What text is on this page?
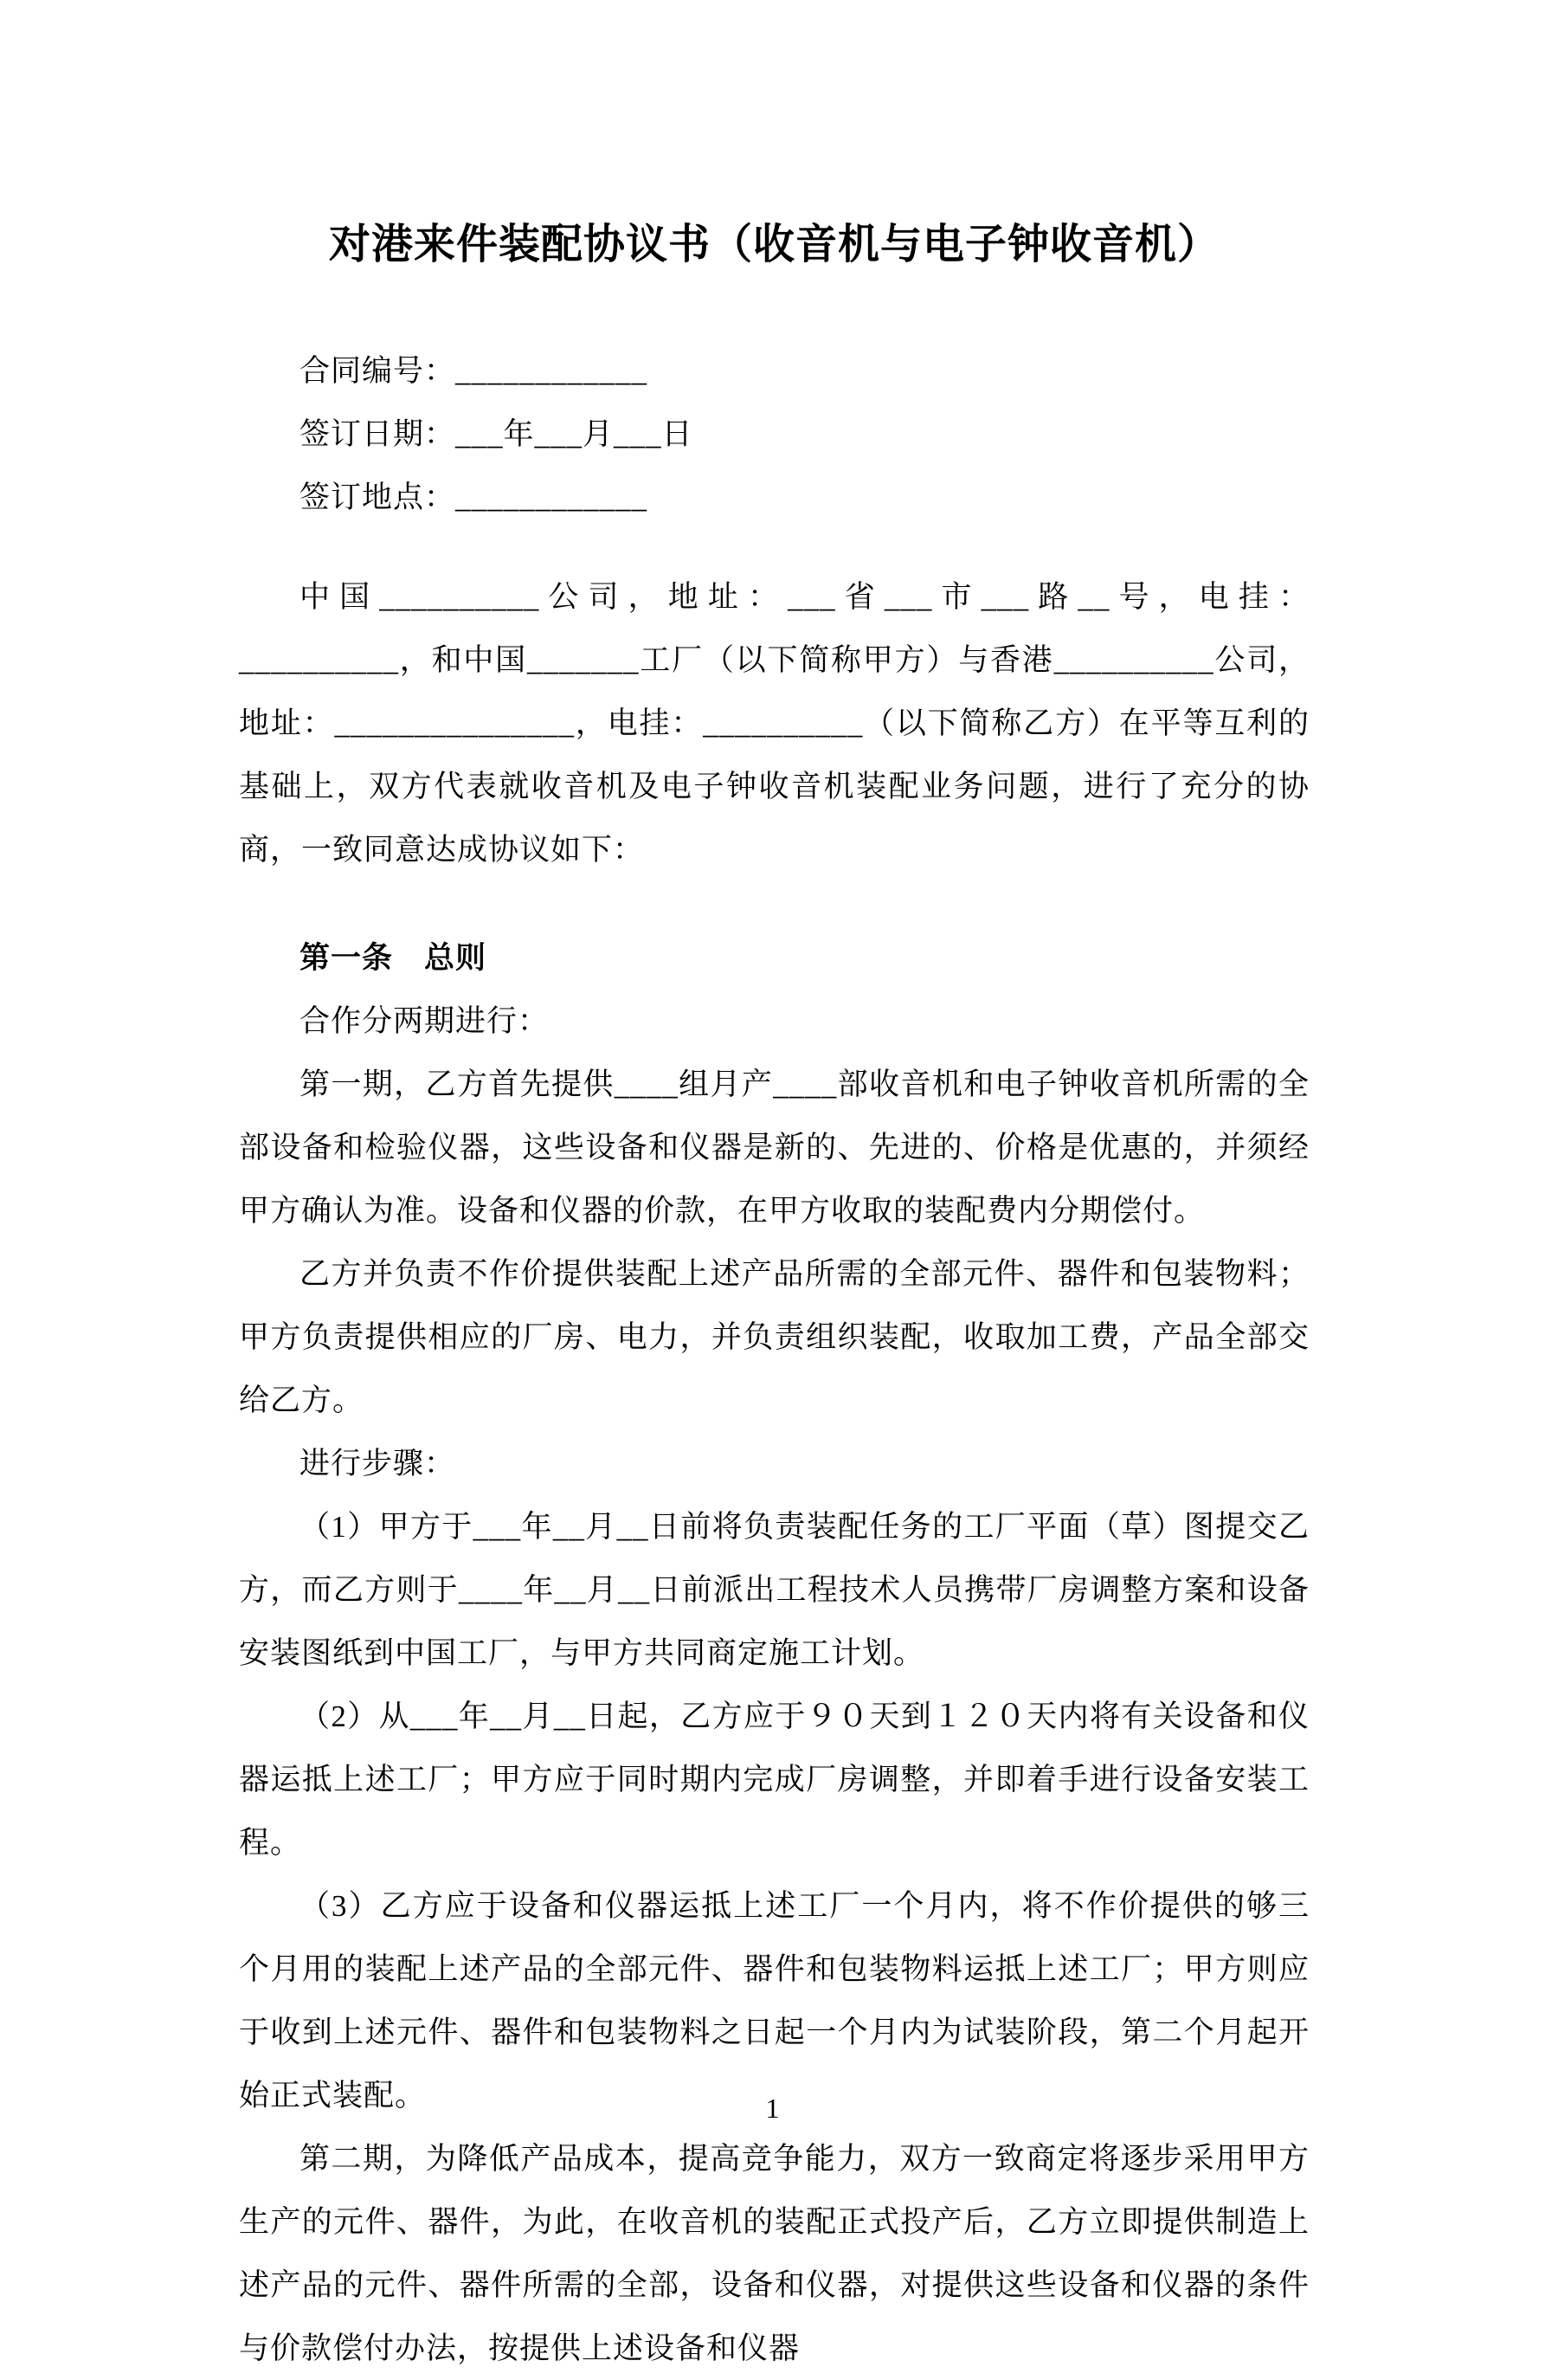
对港来件装配协议书（收音机与电子钟收音机）

合同编号：____________

签订日期：___年___月___日

签订地点：____________

中国__________公司，地址：___省___市___路__号，电挂：__________，和中国_______工厂（以下简称甲方）与香港__________公司，地址：_______________，电挂：__________（以下简称乙方）在平等互利的基础上，双方代表就收音机及电子钟收音机装配业务问题，进行了充分的协商，一致同意达成协议如下：

第一条　总则

合作分两期进行：

第一期，乙方首先提供____组月产____部收音机和电子钟收音机所需的全部设备和检验仪器，这些设备和仪器是新的、先进的、价格是优惠的，并须经甲方确认为准。设备和仪器的价款，在甲方收取的装配费内分期偿付。

乙方并负责不作价提供装配上述产品所需的全部元件、器件和包装物料；甲方负责提供相应的厂房、电力，并负责组织装配，收取加工费，产品全部交给乙方。

进行步骤：

（1）甲方于___年__月__日前将负责装配任务的工厂平面（草）图提交乙方，而乙方则于____年__月__日前派出工程技术人员携带厂房调整方案和设备安装图纸到中国工厂，与甲方共同商定施工计划。

（2）从___年__月__日起，乙方应于９０天到１２０天内将有关设备和仪器运抵上述工厂；甲方应于同时期内完成厂房调整，并即着手进行设备安装工程。

（3）乙方应于设备和仪器运抵上述工厂一个月内，将不作价提供的够三个月用的装配上述产品的全部元件、器件和包装物料运抵上述工厂；甲方则应于收到上述元件、器件和包装物料之日起一个月内为试装阶段，第二个月起开始正式装配。

第二期，为降低产品成本，提高竞争能力，双方一致商定将逐步采用甲方生产的元件、器件，为此，在收音机的装配正式投产后，乙方立即提供制造上述产品的元件、器件所需的全部，设备和仪器，对提供这些设备和仪器的条件与价款偿付办法，按提供上述设备和仪器

1
